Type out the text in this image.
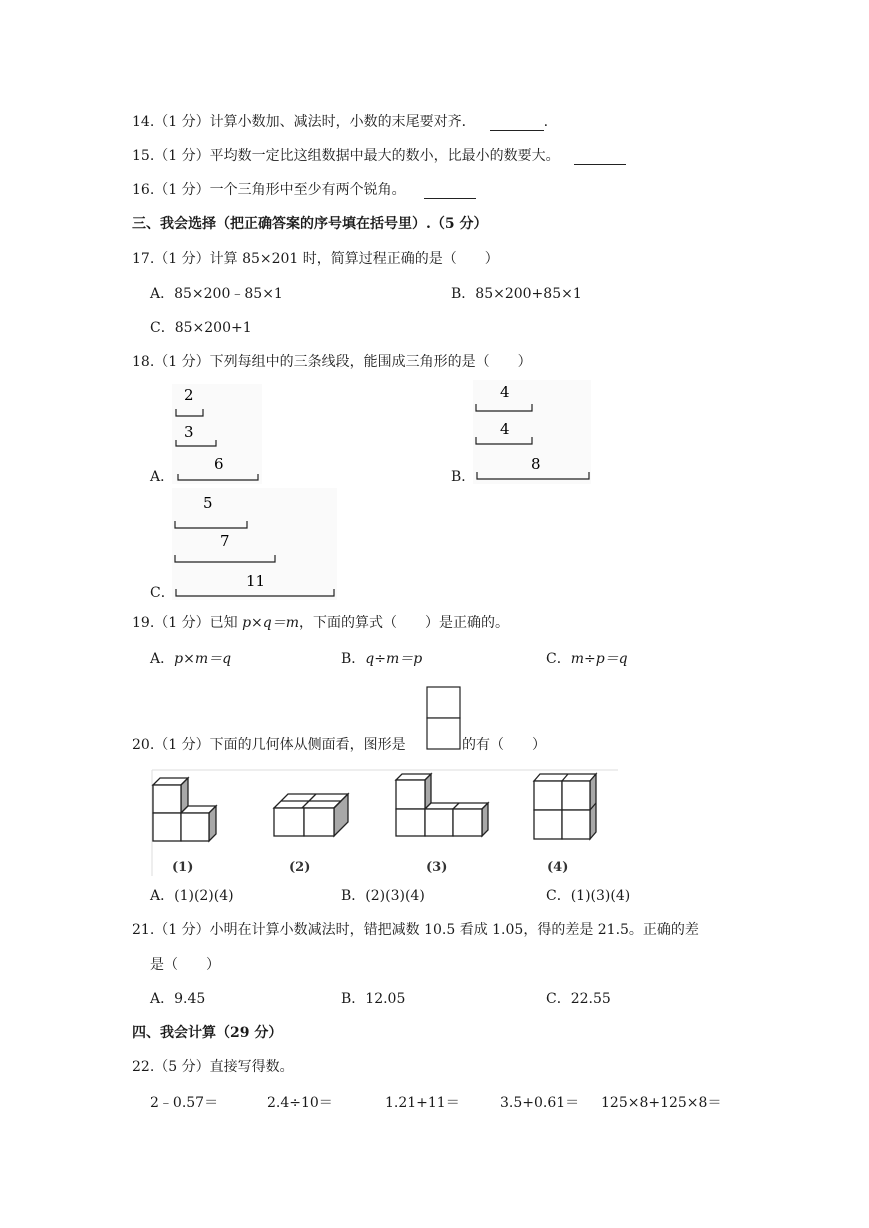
14.（1 分）计算小数加、减法时，小数的末尾要对齐．	.
15.（1 分）平均数一定比这组数据中最大的数小，比最小的数要大。
16.（1 分）一个三角形中至少有两个锐角。
三、我会选择（把正确答案的序号填在括号里）.（5 分）
17.（1 分）计算 85×201 时，简算过程正确的是（　　）
A．85×200﹣85×1	B．85×200+85×1
C．85×200+1
18.（1 分）下列每组中的三条线段，能围成三角形的是（　　）
2
3
6
4
4
8
5
7
11
A．	B．
C．
19.（1 分）已知 p×q＝m，下面的算式（　　）是正确的。
A．p×m＝q	B．q÷m＝p	C．m÷p＝q
20.（1 分）下面的几何体从侧面看，图形是	的有（　　）
(1)	(2)	(3)	(4)
A．(1)(2)(4)	B．(2)(3)(4)	C．(1)(3)(4)
21.（1 分）小明在计算小数减法时，错把减数 10.5 看成 1.05，得的差是 21.5。正确的差
是（　　）
A．9.45	B．12.05	C．22.55
四、我会计算（29 分）
22.（5 分）直接写得数。
2﹣0.57＝	2.4÷10＝	1.21+11＝	3.5+0.61＝ 125×8+125×8＝
